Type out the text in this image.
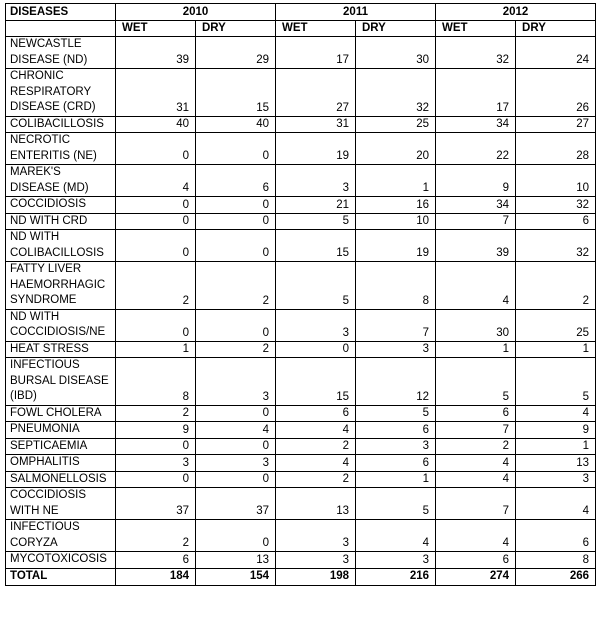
DISEASES	2010		2011		2012	
	WET	DRY	WET	DRY	WET	DRY
NEWCASTLE
DISEASE (ND)	39	29	17	30	32	24
CHRONIC
RESPIRATORY
DISEASE (CRD)	31	15	27	32	17	26
COLIBACILLOSIS	40	40	31	25	34	27
NECROTIC
ENTERITIS (NE)	0	0	19	20	22	28
MAREK'S
DISEASE (MD)	4	6	3	1	9	10
COCCIDIOSIS	0	0	21	16	34	32
ND WITH CRD	0	0	5	10	7	6
ND WITH
COLIBACILLOSIS	0	0	15	19	39	32
FATTY LIVER
HAEMORRHAGIC
SYNDROME	2	2	5	8	4	2
ND WITH
COCCIDIOSIS/NE	0	0	3	7	30	25
HEAT STRESS	1	2	0	3	1	1
INFECTIOUS
BURSAL DISEASE
(IBD)	8	3	15	12	5	5
FOWL CHOLERA	2	0	6	5	6	4
PNEUMONIA	9	4	4	6	7	9
SEPTICAEMIA	0	0	2	3	2	1
OMPHALITIS	3	3	4	6	4	13
SALMONELLOSIS	0	0	2	1	4	3
COCCIDIOSIS
WITH NE	37	37	13	5	7	4
INFECTIOUS
CORYZA	2	0	3	4	4	6
MYCOTOXICOSIS	6	13	3	3	6	8
TOTAL	184	154	198	216	274	266
